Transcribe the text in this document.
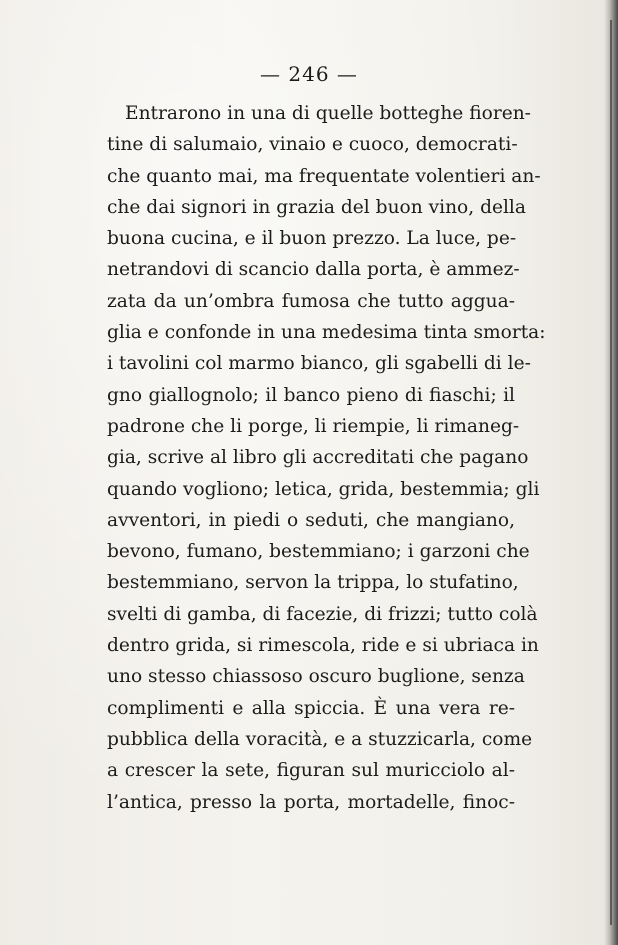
— 246 —
Entrarono in una di quelle botteghe fioren-
tine di salumaio, vinaio e cuoco, democrati-
che quanto mai, ma frequentate volentieri an-
che dai signori in grazia del buon vino, della
buona cucina, e il buon prezzo. La luce, pe-
netrandovi di scancio dalla porta, è ammez-
zata da un’ombra fumosa che tutto aggua-
glia e confonde in una medesima tinta smorta:
i tavolini col marmo bianco, gli sgabelli di le-
gno giallognolo; il banco pieno di fiaschi; il
padrone che li porge, li riempie, li rimaneg-
gia, scrive al libro gli accreditati che pagano
quando vogliono; letica, grida, bestemmia; gli
avventori, in piedi o seduti, che mangiano,
bevono, fumano, bestemmiano; i garzoni che
bestemmiano, servon la trippa, lo stufatino,
svelti di gamba, di facezie, di frizzi; tutto colà
dentro grida, si rimescola, ride e si ubriaca in
uno stesso chiassoso oscuro buglione, senza
complimenti e alla spiccia. È una vera re-
pubblica della voracità, e a stuzzicarla, come
a crescer la sete, figuran sul muricciolo al-
l’antica, presso la porta, mortadelle, finoc-
